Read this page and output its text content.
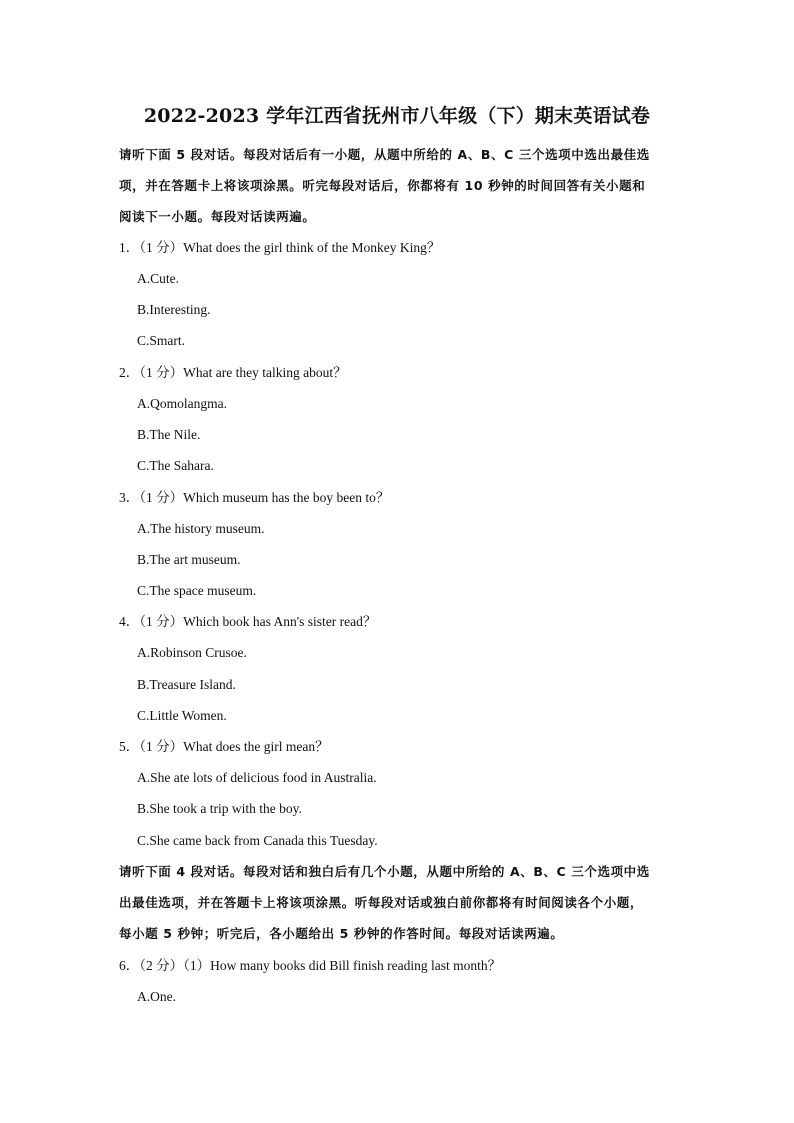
2022-2023 学年江西省抚州市八年级（下）期末英语试卷
请听下面 5 段对话。每段对话后有一小题，从题中所给的 A、B、C 三个选项中选出最佳选
项，并在答题卡上将该项涂黑。听完每段对话后，你都将有 10 秒钟的时间回答有关小题和
阅读下一小题。每段对话读两遍。
1．（1 分）What does the girl think of the Monkey King？
A.Cute.
B.Interesting.
C.Smart.
2．（1 分）What are they talking about？
A.Qomolangma.
B.The Nile.
C.The Sahara.
3．（1 分）Which museum has the boy been to？
A.The history museum.
B.The art museum.
C.The space museum.
4．（1 分）Which book has Ann's sister read？
A.Robinson Crusoe.
B.Treasure Island.
C.Little Women.
5．（1 分）What does the girl mean？
A.She ate lots of delicious food in Australia.
B.She took a trip with the boy.
C.She came back from Canada this Tuesday.
请听下面 4 段对话。每段对话和独白后有几个小题，从题中所给的 A、B、C 三个选项中选
出最佳选项，并在答题卡上将该项涂黑。听每段对话或独白前你都将有时间阅读各个小题，
每小题 5 秒钟；听完后，各小题给出 5 秒钟的作答时间。每段对话读两遍。
6．（2 分）（1）How many books did Bill finish reading last month？
A.One.
